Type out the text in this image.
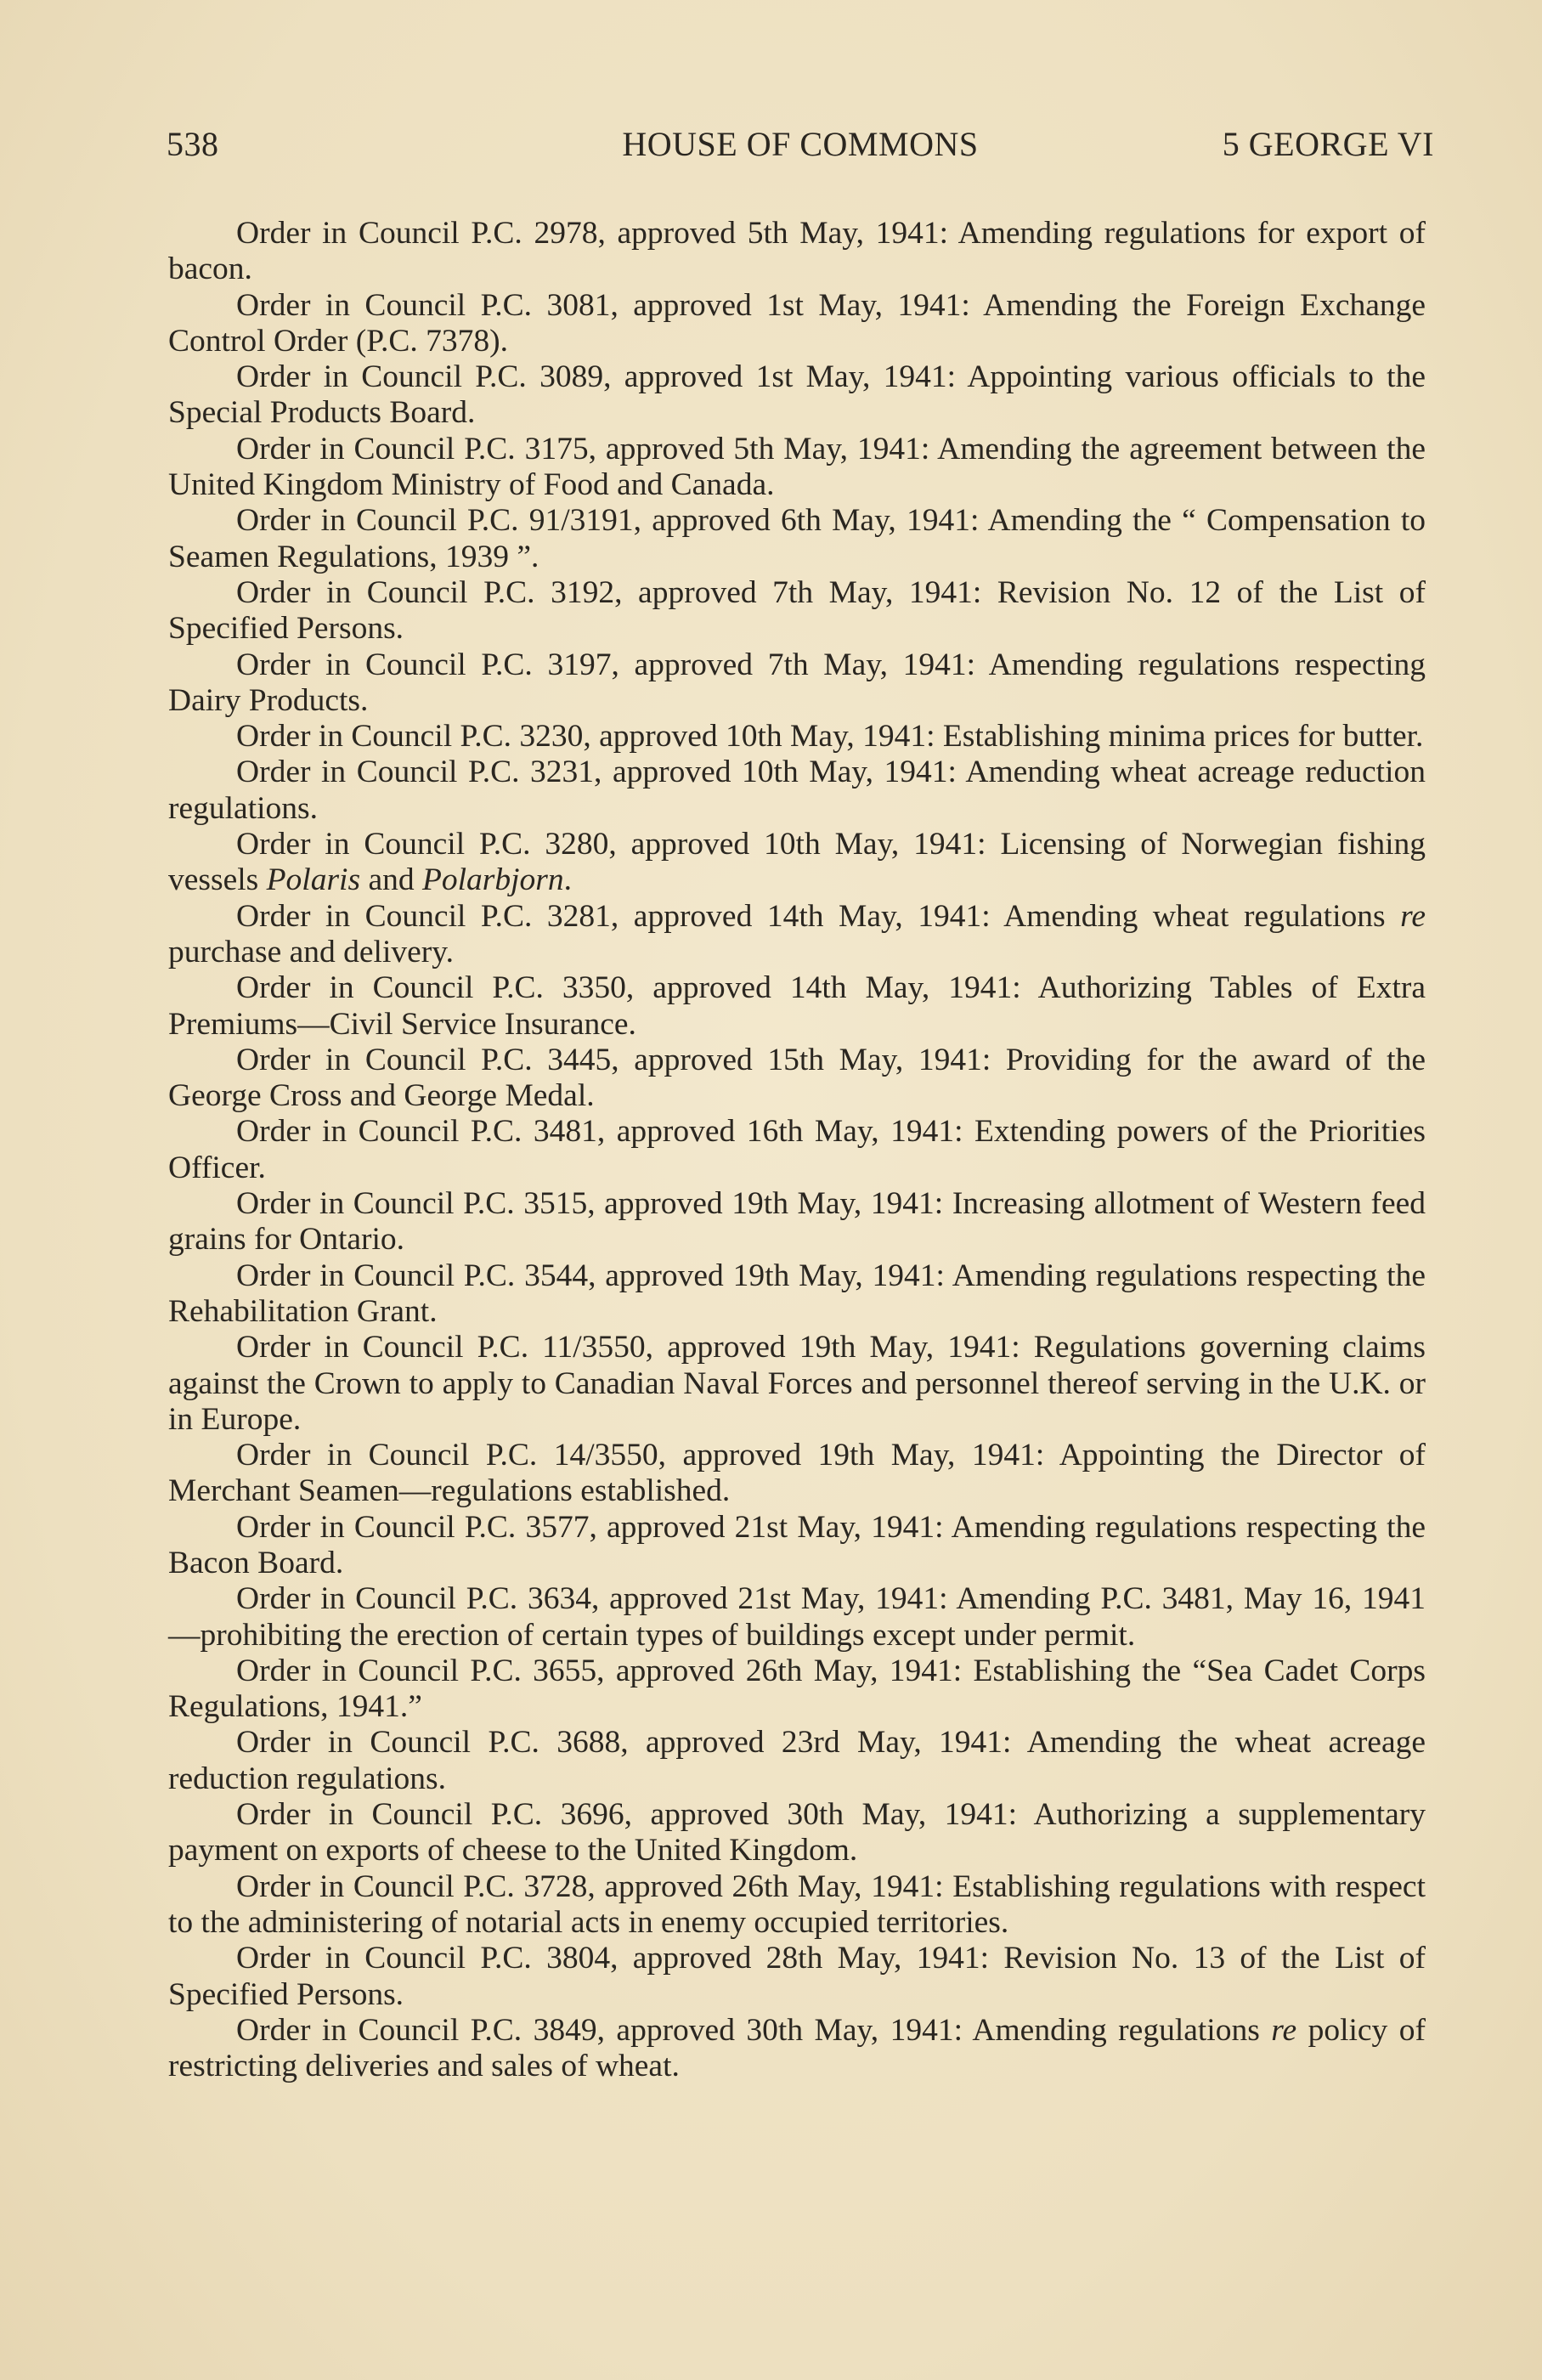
538	HOUSE OF COMMONS	5 GEORGE VI

Order in Council P.C. 2978, approved 5th May, 1941: Amending regulations for export of bacon.

Order in Council P.C. 3081, approved 1st May, 1941: Amending the Foreign Exchange Control Order (P.C. 7378).

Order in Council P.C. 3089, approved 1st May, 1941: Appointing various officials to the Special Products Board.

Order in Council P.C. 3175, approved 5th May, 1941: Amending the agreement between the United Kingdom Ministry of Food and Canada.

Order in Council P.C. 91/3191, approved 6th May, 1941: Amending the “ Compensation to Seamen Regulations, 1939 ”.

Order in Council P.C. 3192, approved 7th May, 1941: Revision No. 12 of the List of Specified Persons.

Order in Council P.C. 3197, approved 7th May, 1941: Amending regulations respecting Dairy Products.

Order in Council P.C. 3230, approved 10th May, 1941: Establishing minima prices for butter.

Order in Council P.C. 3231, approved 10th May, 1941: Amending wheat acreage reduction regulations.

Order in Council P.C. 3280, approved 10th May, 1941: Licensing of Norwegian fishing vessels Polaris and Polarbjorn.

Order in Council P.C. 3281, approved 14th May, 1941: Amending wheat regulations re purchase and delivery.

Order in Council P.C. 3350, approved 14th May, 1941: Authorizing Tables of Extra Premiums—Civil Service Insurance.

Order in Council P.C. 3445, approved 15th May, 1941: Providing for the award of the George Cross and George Medal.

Order in Council P.C. 3481, approved 16th May, 1941: Extending powers of the Priorities Officer.

Order in Council P.C. 3515, approved 19th May, 1941: Increasing allotment of Western feed grains for Ontario.

Order in Council P.C. 3544, approved 19th May, 1941: Amending regulations respecting the Rehabilitation Grant.

Order in Council P.C. 11/3550, approved 19th May, 1941: Regulations governing claims against the Crown to apply to Canadian Naval Forces and personnel thereof serving in the U.K. or in Europe.

Order in Council P.C. 14/3550, approved 19th May, 1941: Appointing the Director of Merchant Seamen—regulations established.

Order in Council P.C. 3577, approved 21st May, 1941: Amending regulations respecting the Bacon Board.

Order in Council P.C. 3634, approved 21st May, 1941: Amending P.C. 3481, May 16, 1941—prohibiting the erection of certain types of buildings except under permit.

Order in Council P.C. 3655, approved 26th May, 1941: Establishing the “Sea Cadet Corps Regulations, 1941.”

Order in Council P.C. 3688, approved 23rd May, 1941: Amending the wheat acreage reduction regulations.

Order in Council P.C. 3696, approved 30th May, 1941: Authorizing a supplementary payment on exports of cheese to the United Kingdom.

Order in Council P.C. 3728, approved 26th May, 1941: Establishing regulations with respect to the administering of notarial acts in enemy occupied territories.

Order in Council P.C. 3804, approved 28th May, 1941: Revision No. 13 of the List of Specified Persons.

Order in Council P.C. 3849, approved 30th May, 1941: Amending regulations re policy of restricting deliveries and sales of wheat.
